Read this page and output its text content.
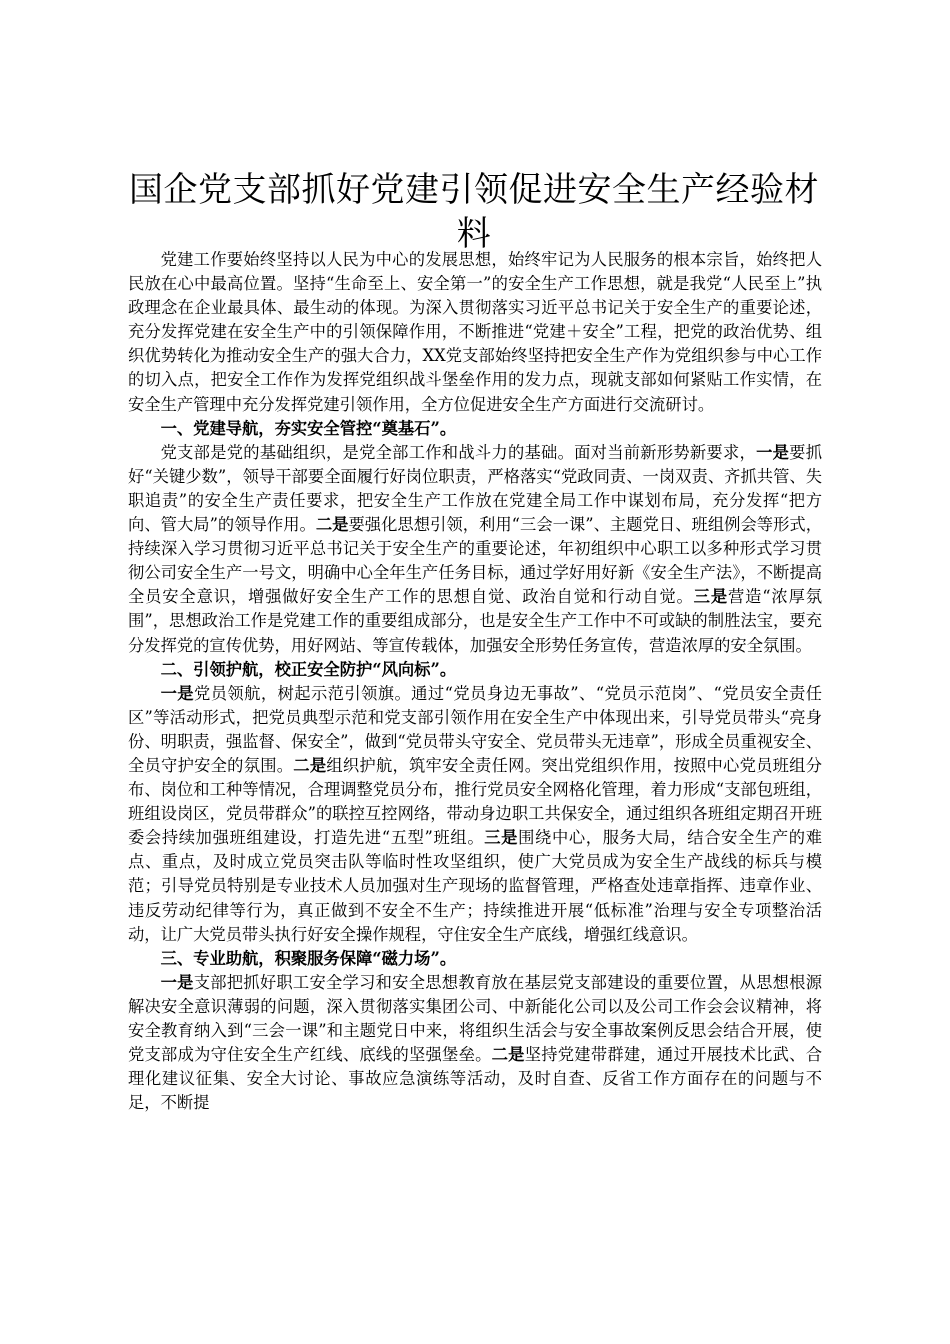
国企党支部抓好党建引领促进安全生产经验材料

党建工作要始终坚持以人民为中心的发展思想，始终牢记为人民服务的根本宗旨，始终把人民放在心中最高位置。坚持“生命至上、安全第一”的安全生产工作思想，就是我党“人民至上”执政理念在企业最具体、最生动的体现。为深入贯彻落实习近平总书记关于安全生产的重要论述，充分发挥党建在安全生产中的引领保障作用，不断推进“党建＋安全”工程，把党的政治优势、组织优势转化为推动安全生产的强大合力，XX党支部始终坚持把安全生产作为党组织参与中心工作的切入点，把安全工作作为发挥党组织战斗堡垒作用的发力点，现就支部如何紧贴工作实情，在安全生产管理中充分发挥党建引领作用，全方位促进安全生产方面进行交流研讨。

一、党建导航，夯实安全管控“奠基石”。

党支部是党的基础组织，是党全部工作和战斗力的基础。面对当前新形势新要求，一是要抓好“关键少数”，领导干部要全面履行好岗位职责，严格落实“党政同责、一岗双责、齐抓共管、失职追责”的安全生产责任要求，把安全生产工作放在党建全局工作中谋划布局，充分发挥“把方向、管大局”的领导作用。二是要强化思想引领，利用“三会一课”、主题党日、班组例会等形式，持续深入学习贯彻习近平总书记关于安全生产的重要论述，年初组织中心职工以多种形式学习贯彻公司安全生产一号文，明确中心全年生产任务目标，通过学好用好新《安全生产法》，不断提高全员安全意识，增强做好安全生产工作的思想自觉、政治自觉和行动自觉。三是营造“浓厚氛围”，思想政治工作是党建工作的重要组成部分，也是安全生产工作中不可或缺的制胜法宝，要充分发挥党的宣传优势，用好网站、等宣传载体，加强安全形势任务宣传，营造浓厚的安全氛围。

二、引领护航，校正安全防护“风向标”。

一是党员领航，树起示范引领旗。通过“党员身边无事故”、“党员示范岗”、“党员安全责任区”等活动形式，把党员典型示范和党支部引领作用在安全生产中体现出来，引导党员带头“亮身份、明职责，强监督、保安全”，做到“党员带头守安全、党员带头无违章”，形成全员重视安全、全员守护安全的氛围。二是组织护航，筑牢安全责任网。突出党组织作用，按照中心党员班组分布、岗位和工种等情况，合理调整党员分布，推行党员安全网格化管理，着力形成“支部包班组，班组设岗区，党员带群众”的联控互控网络，带动身边职工共保安全，通过组织各班组定期召开班委会持续加强班组建设，打造先进“五型”班组。三是围绕中心，服务大局，结合安全生产的难点、重点，及时成立党员突击队等临时性攻坚组织，使广大党员成为安全生产战线的标兵与模范；引导党员特别是专业技术人员加强对生产现场的监督管理，严格查处违章指挥、违章作业、违反劳动纪律等行为，真正做到不安全不生产；持续推进开展“低标准”治理与安全专项整治活动，让广大党员带头执行好安全操作规程，守住安全生产底线，增强红线意识。

三、专业助航，积聚服务保障“磁力场”。

一是支部把抓好职工安全学习和安全思想教育放在基层党支部建设的重要位置，从思想根源解决安全意识薄弱的问题，深入贯彻落实集团公司、中新能化公司以及公司工作会会议精神，将安全教育纳入到“三会一课”和主题党日中来，将组织生活会与安全事故案例反思会结合开展，使党支部成为守住安全生产红线、底线的坚强堡垒。二是坚持党建带群建，通过开展技术比武、合理化建议征集、安全大讨论、事故应急演练等活动，及时自查、反省工作方面存在的问题与不足，不断提
